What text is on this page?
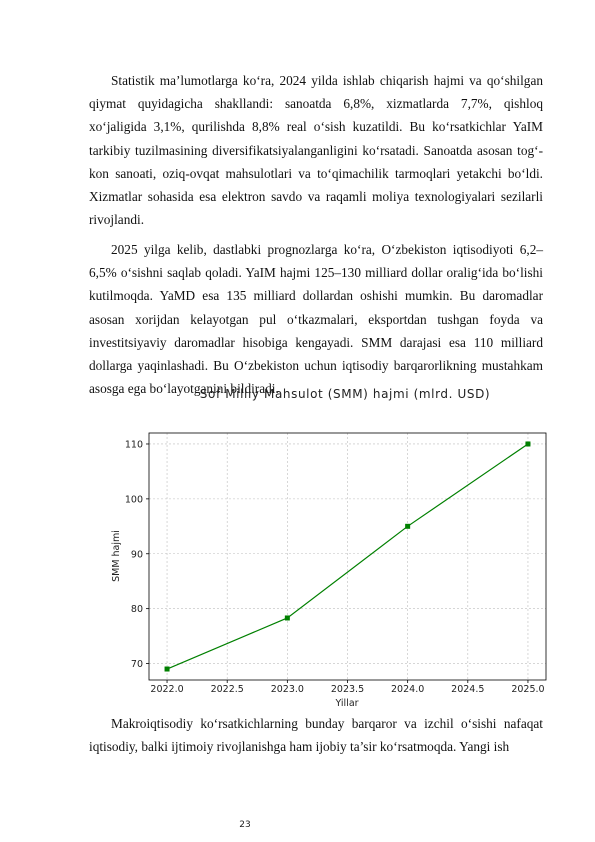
Statistik ma’lumotlarga ko‘ra, 2024 yilda ishlab chiqarish hajmi va qo‘shilgan qiymat quyidagicha shakllandi: sanoatda 6,8%, xizmatlarda 7,7%, qishloq xo‘jaligida 3,1%, qurilishda 8,8% real o‘sish kuzatildi. Bu ko‘rsatkichlar YaIM tarkibiy tuzilmasining diversifikatsiyalanganligini ko‘rsatadi. Sanoatda asosan tog‘-kon sanoati, oziq-ovqat mahsulotlari va to‘qimachilik tarmoqlari yetakchi bo‘ldi. Xizmatlar sohasida esa elektron savdo va raqamli moliya texnologiyalari sezilarli rivojlandi.

2025 yilga kelib, dastlabki prognozlarga ko‘ra, O‘zbekiston iqtisodiyoti 6,2–6,5% o‘sishni saqlab qoladi. YaIM hajmi 125–130 milliard dollar oralig‘ida bo‘lishi kutilmoqda. YaMD esa 135 milliard dollardan oshishi mumkin. Bu daromadlar asosan xorijdan kelayotgan pul o‘tkazmalari, eksportdan tushgan foyda va investitsiyaviy daromadlar hisobiga kengayadi. SMM darajasi esa 110 milliard dollarga yaqinlashadi. Bu O‘zbekiston uchun iqtisodiy barqarorlikning mustahkam asosga ega bo‘layotganini bildiradi.

Sof Milliy Mahsulot (SMM) hajmi (mlrd. USD)
2022.0	2022.5	2023.0	2023.5	2024.0	2024.5	2025.0
70
80
90
100
110
Yillar
SMM hajmi

Makroiqtisodiy ko‘rsatkichlarning bunday barqaror va izchil o‘sishi nafaqat iqtisodiy, balki ijtimoiy rivojlanishga ham ijobiy ta’sir ko‘rsatmoqda. Yangi ish

23
